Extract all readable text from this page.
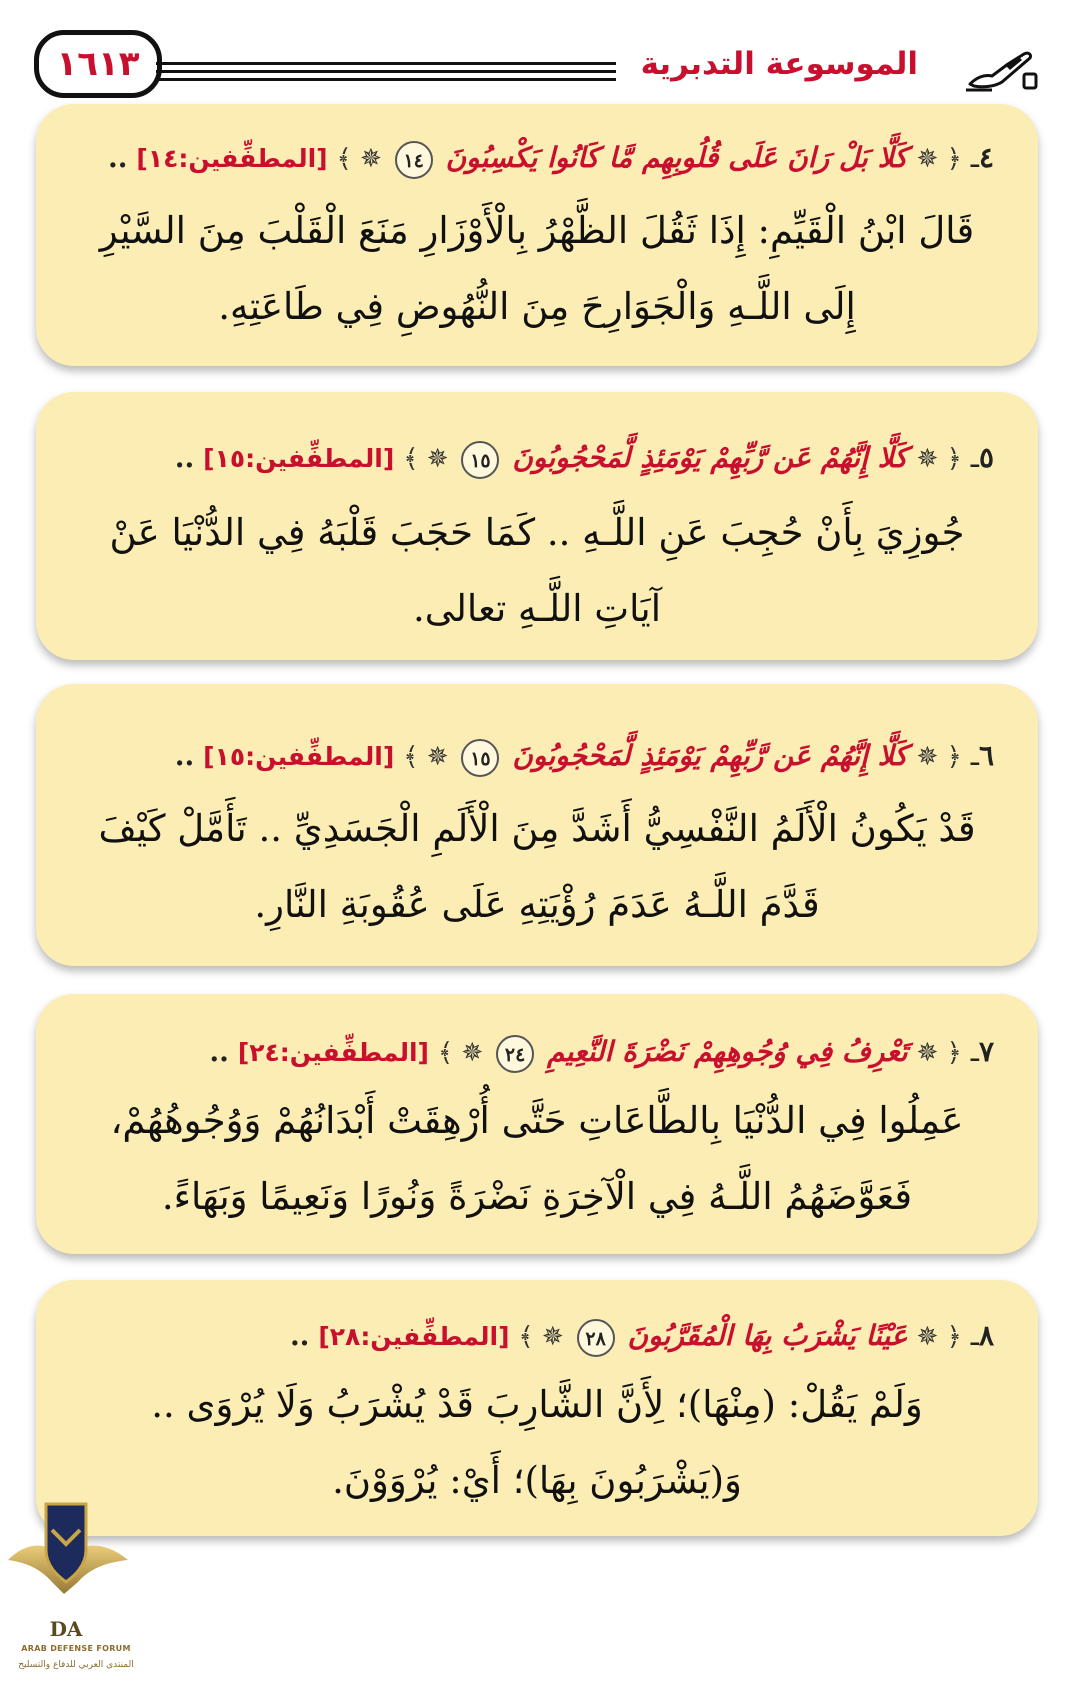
١٦١٣	الموسوعة التدبرية
٤ـ ﴿ ✵ كَلَّا بَلْ رَانَ عَلَى قُلُوبِهِم مَّا كَانُوا يَكْسِبُونَ ١٤ ✵ ﴾ [المطفِّفين:١٤] ..
قَالَ ابْنُ الْقَيِّمِ: إِذَا ثَقُلَ الظَّهْرُ بِالْأَوْزَارِ مَنَعَ الْقَلْبَ مِنَ السَّيْرِ إِلَى اللَّـهِ وَالْجَوَارِحَ مِنَ النُّهُوضِ فِي طَاعَتِهِ.
٥ـ ﴿ ✵ كَلَّا إِنَّهُمْ عَن رَّبِّهِمْ يَوْمَئِذٍ لَّمَحْجُوبُونَ ١٥ ✵ ﴾ [المطفِّفين:١٥] ..
جُوزِيَ بِأَنْ حُجِبَ عَنِ اللَّـهِ .. كَمَا حَجَبَ قَلْبَهُ فِي الدُّنْيَا عَنْ آيَاتِ اللَّـهِ تعالى.
٦ـ ﴿ ✵ كَلَّا إِنَّهُمْ عَن رَّبِّهِمْ يَوْمَئِذٍ لَّمَحْجُوبُونَ ١٥ ✵ ﴾ [المطفِّفين:١٥] ..
قَدْ يَكُونُ الْأَلَمُ النَّفْسِيُّ أَشَدَّ مِنَ الْأَلَمِ الْجَسَدِيِّ .. تَأَمَّلْ كَيْفَ قَدَّمَ اللَّـهُ عَدَمَ رُؤْيَتِهِ عَلَى عُقُوبَةِ النَّارِ.
٧ـ ﴿ ✵ تَعْرِفُ فِي وُجُوهِهِمْ نَضْرَةَ النَّعِيمِ ٢٤ ✵ ﴾ [المطفِّفين:٢٤] ..
عَمِلُوا فِي الدُّنْيَا بِالطَّاعَاتِ حَتَّى أُرْهِقَتْ أَبْدَانُهُمْ وَوُجُوهُهُمْ، فَعَوَّضَهُمُ اللَّـهُ فِي الْآخِرَةِ نَضْرَةً وَنُورًا وَنَعِيمًا وَبَهَاءً.
٨ـ ﴿ ✵ عَيْنًا يَشْرَبُ بِهَا الْمُقَرَّبُونَ ٢٨ ✵ ﴾ [المطفِّفين:٢٨] ..
وَلَمْ يَقُلْ: (مِنْهَا)؛ لِأَنَّ الشَّارِبَ قَدْ يُشْرَبُ وَلَا يُرْوَى .. وَ(يَشْرَبُونَ بِهَا)؛ أَيْ: يُرْوَوْنَ.
DA
ARAB DEFENSE FORUM
المنتدى العربي للدفاع والتسليح
